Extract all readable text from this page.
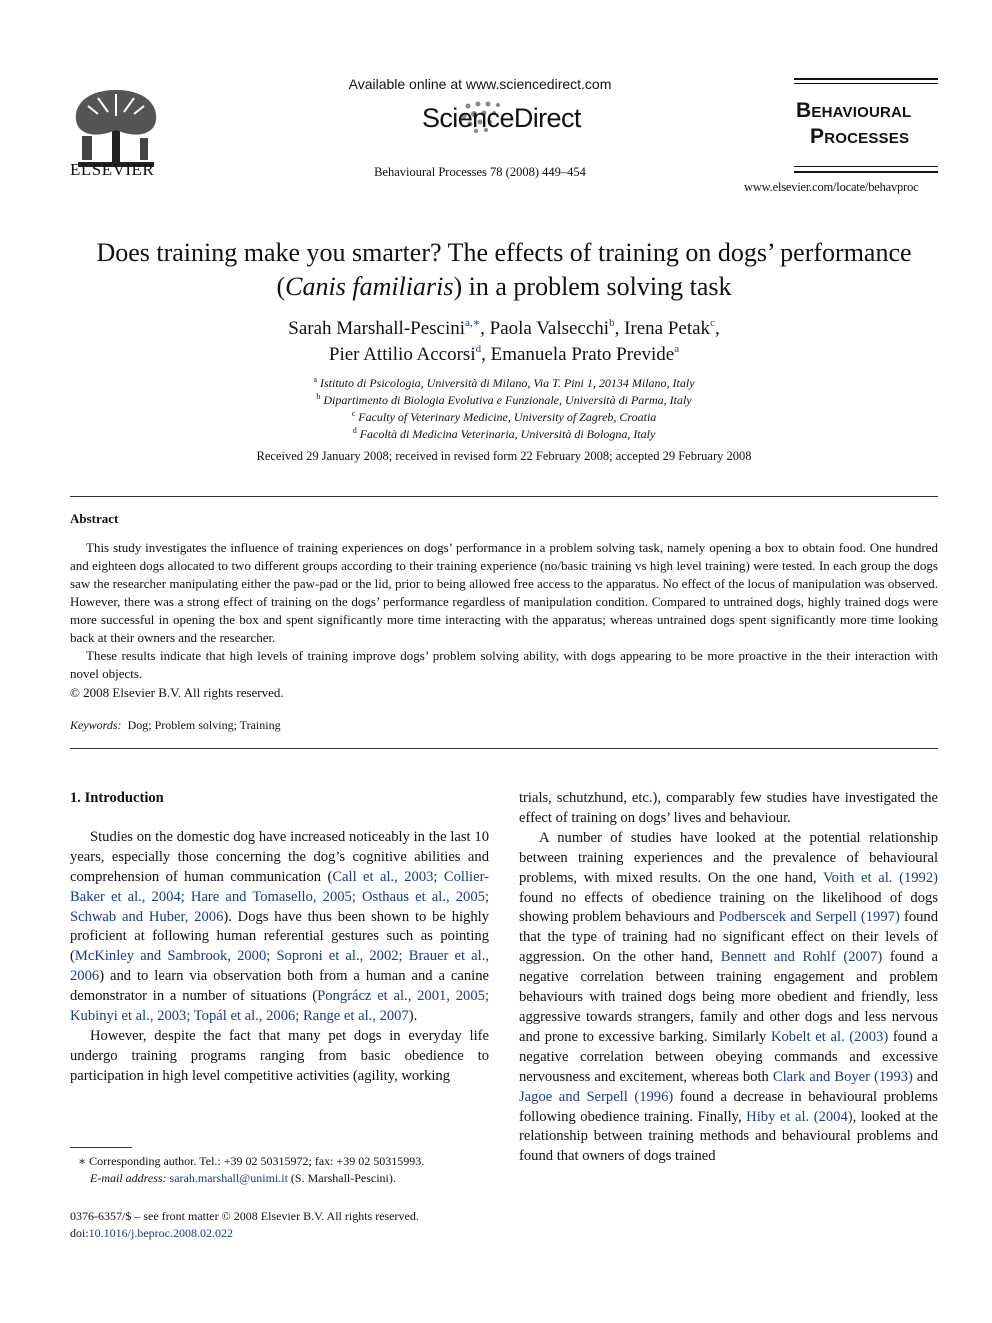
ELSEVIER
Available online at www.sciencedirect.com
ScienceDirect
Behavioural Processes 78 (2008) 449–454
Behavioural
Processes
www.elsevier.com/locate/behavproc
Does training make you smarter? The effects of training on dogs’ performance (Canis familiaris) in a problem solving task
Sarah Marshall-Pescini$^{a,∗}$, Paola Valsecchi$^b$, Irena Petak$^c$,
Pier Attilio Accorsi$^d$, Emanuela Prato Previde$^a$
$^a$ Istituto di Psicologia, Università di Milano, Via T. Pini 1, 20134 Milano, Italy
$^b$ Dipartimento di Biologia Evolutiva e Funzionale, Università di Parma, Italy
$^c$ Faculty of Veterinary Medicine, University of Zagreb, Croatia
$^d$ Facoltà di Medicina Veterinaria, Università di Bologna, Italy
Received 29 January 2008; received in revised form 22 February 2008; accepted 29 February 2008
Abstract

This study investigates the influence of training experiences on dogs’ performance in a problem solving task, namely opening a box to obtain food. One hundred and eighteen dogs allocated to two different groups according to their training experience (no/basic training vs high level training) were tested. In each group the dogs saw the researcher manipulating either the paw-pad or the lid, prior to being allowed free access to the apparatus. No effect of the locus of manipulation was observed. However, there was a strong effect of training on the dogs’ performance regardless of manipulation condition. Compared to untrained dogs, highly trained dogs were more successful in opening the box and spent significantly more time interacting with the apparatus; whereas untrained dogs spent significantly more time looking back at their owners and the researcher.

These results indicate that high levels of training improve dogs’ problem solving ability, with dogs appearing to be more proactive in the their interaction with novel objects.

© 2008 Elsevier B.V. All rights reserved.
Keywords: Dog; Problem solving; Training
1. Introduction

Studies on the domestic dog have increased noticeably in the last 10 years, especially those concerning the dog’s cognitive abilities and comprehension of human communication (Call et al., 2003; Collier-Baker et al., 2004; Hare and Tomasello, 2005; Osthaus et al., 2005; Schwab and Huber, 2006). Dogs have thus been shown to be highly proficient at following human referential gestures such as pointing (McKinley and Sambrook, 2000; Soproni et al., 2002; Brauer et al., 2006) and to learn via observation both from a human and a canine demonstrator in a number of situations (Pongrácz et al., 2001, 2005; Kubinyi et al., 2003; Topál et al., 2006; Range et al., 2007).

However, despite the fact that many pet dogs in everyday life undergo training programs ranging from basic obedience to participation in high level competitive activities (agility, working

trials, schutzhund, etc.), comparably few studies have investigated the effect of training on dogs’ lives and behaviour.

A number of studies have looked at the potential relationship between training experiences and the prevalence of behavioural problems, with mixed results. On the one hand, Voith et al. (1992) found no effects of obedience training on the likelihood of dogs showing problem behaviours and Podberscek and Serpell (1997) found that the type of training had no significant effect on their levels of aggression. On the other hand, Bennett and Rohlf (2007) found a negative correlation between training engagement and problem behaviours with trained dogs being more obedient and friendly, less aggressive towards strangers, family and other dogs and less nervous and prone to excessive barking. Similarly Kobelt et al. (2003) found a negative correlation between obeying commands and excessive nervousness and excitement, whereas both Clark and Boyer (1993) and Jagoe and Serpell (1996) found a decrease in behavioural problems following obedience training. Finally, Hiby et al. (2004), looked at the relationship between training methods and behavioural problems and found that owners of dogs trained

∗ Corresponding author. Tel.: +39 02 50315972; fax: +39 02 50315993.
E-mail address: sarah.marshall@unimi.it (S. Marshall-Pescini).
0376-6357/$ – see front matter © 2008 Elsevier B.V. All rights reserved.
doi:10.1016/j.beproc.2008.02.022
